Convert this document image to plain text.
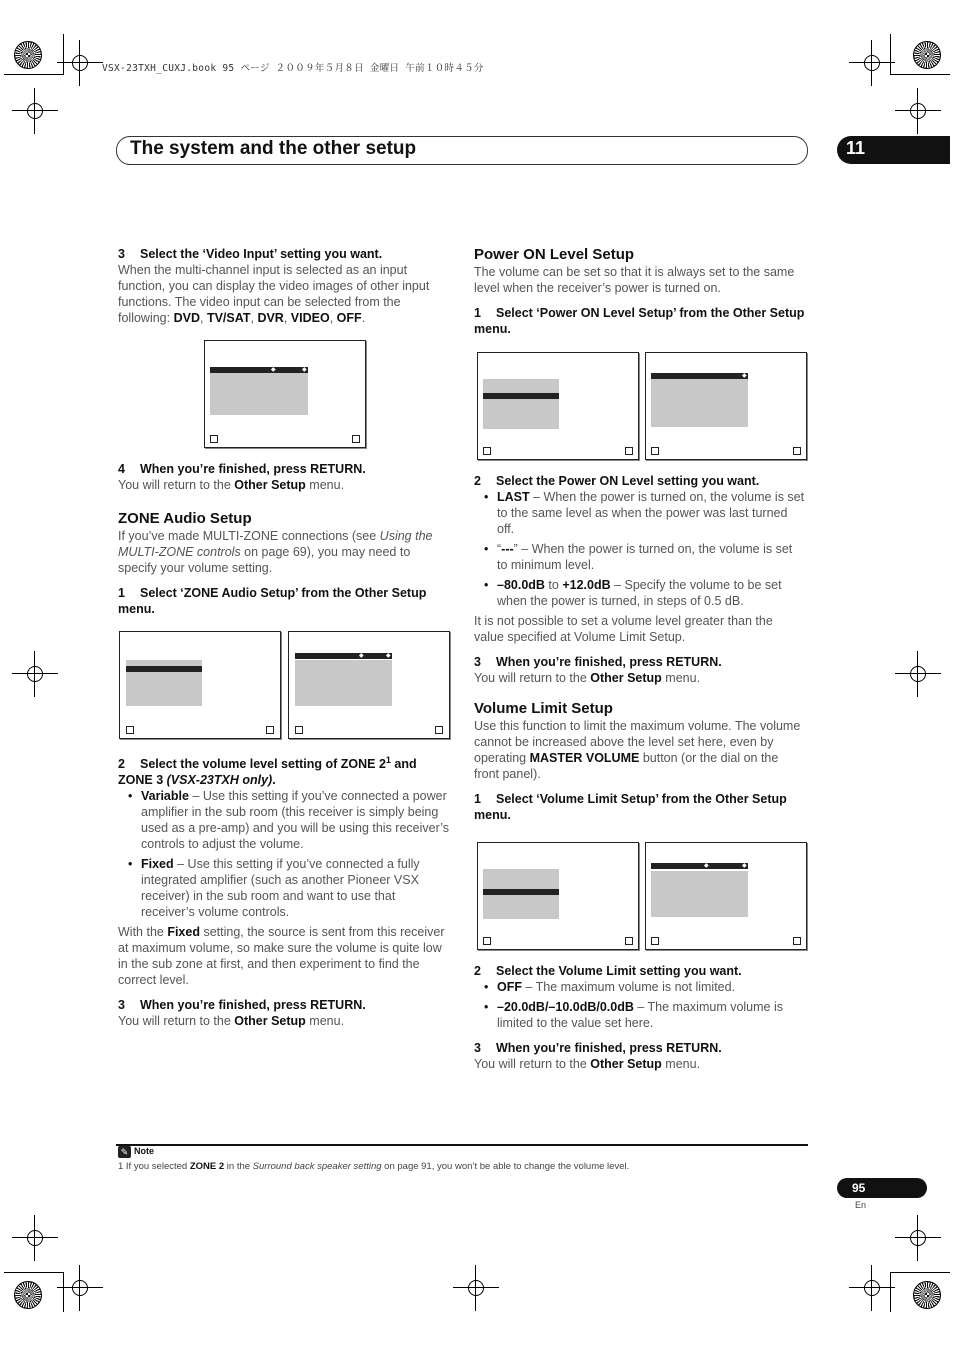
VSX-23TXH_CUXJ.book 95 ページ ２００９年５月８日 金曜日 午前１０時４５分
The system and the other setup	11

3 Select the ‘Video Input’ setting you want.

When the multi-channel input is selected as an input function, you can display the video images of other input functions. The video input can be selected from the following: DVD, TV/SAT, DVR, VIDEO, OFF.

◆	◆

4 When you’re finished, press RETURN.

You will return to the Other Setup menu.

ZONE Audio Setup

If you’ve made MULTI-ZONE connections (see Using the MULTI-ZONE controls on page 69), you may need to specify your volume setting.

1 Select ‘ZONE Audio Setup’ from the Other Setup menu.

◆	◆

2 Select the volume level setting of ZONE $2^1$ and ZONE 3 (VSX-23TXH only).

• Variable – Use this setting if you’ve connected a power amplifier in the sub room (this receiver is simply being used as a pre-amp) and you will be using this receiver’s controls to adjust the volume.
• Fixed – Use this setting if you’ve connected a fully integrated amplifier (such as another Pioneer VSX receiver) in the sub room and want to use that receiver’s volume controls.

With the Fixed setting, the source is sent from this receiver at maximum volume, so make sure the volume is quite low in the sub zone at first, and then experiment to find the correct level.

3 When you’re finished, press RETURN.

You will return to the Other Setup menu.

Power ON Level Setup

The volume can be set so that it is always set to the same level when the receiver’s power is turned on.

1 Select ‘Power ON Level Setup’ from the Other Setup menu.

◆

2 Select the Power ON Level setting you want.

• LAST – When the power is turned on, the volume is set to the same level as when the power was last turned off.
• “---” – When the power is turned on, the volume is set to minimum level.
• –80.0dB to +12.0dB – Specify the volume to be set when the power is turned, in steps of 0.5 dB.

It is not possible to set a volume level greater than the value specified at Volume Limit Setup.

3 When you’re finished, press RETURN.

You will return to the Other Setup menu.

Volume Limit Setup

Use this function to limit the maximum volume. The volume cannot be increased above the level set here, even by operating MASTER VOLUME button (or the dial on the front panel).

1 Select ‘Volume Limit Setup’ from the Other Setup menu.

◆	◆

2 Select the Volume Limit setting you want.

• OFF – The maximum volume is not limited.
• –20.0dB/–10.0dB/0.0dB – The maximum volume is limited to the value set here.

3 When you’re finished, press RETURN.

You will return to the Other Setup menu.

✎ Note
1 If you selected ZONE 2 in the Surround back speaker setting on page 91, you won’t be able to change the volume level.
95
En
